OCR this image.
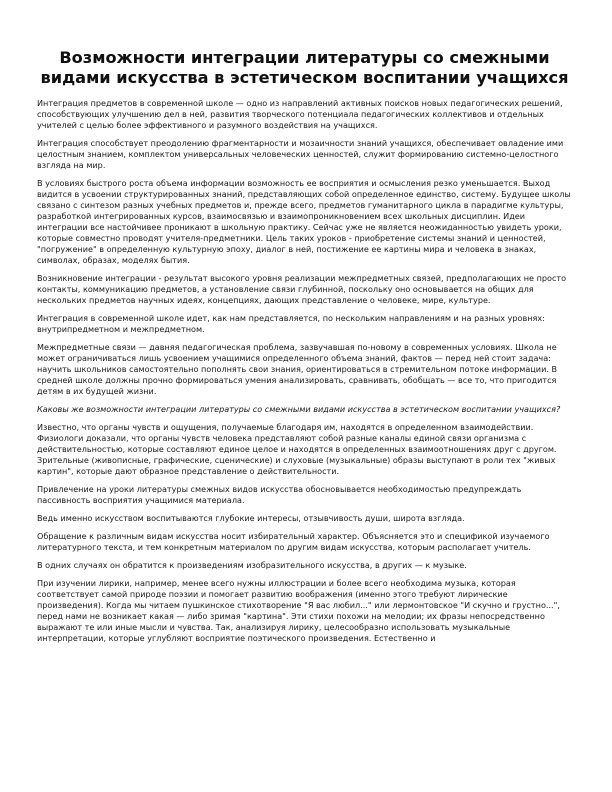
Возможности интеграции литературы со смежными видами искусства в эстетическом воспитании учащихся

Интеграция предметов в современной школе — одно из направлений активных поисков новых педагогических решений, способствующих улучшению дел в ней, развития творческого потенциала педагогических коллективов и отдельных учителей с целью более эффективного и разумного воздействия на учащихся.

Интеграция способствует преодолению фрагментарности и мозаичности знаний учащихся, обеспечивает овладение ими целостным знанием, комплектом универсальных человеческих ценностей, служит формированию системно-целостного взгляда на мир.

В условиях быстрого роста объема информации возможность ее восприятия и осмысления резко уменьшается. Выход видится в усвоении структурированных знаний, представляющих собой определенное единство, систему. Будущее школы связано с синтезом разных учебных предметов и, прежде всего, предметов гуманитарного цикла в парадигме культуры, разработкой интегрированных курсов, взаимосвязью и взаимопроникновением всех школьных дисциплин. Идеи интеграции все настойчивее проникают в школьную практику. Сейчас уже не является неожиданностью увидеть уроки, которые совместно проводят учителя-предметники. Цель таких уроков - приобретение системы знаний и ценностей, "погружение" в определенную культурную эпоху, диалог в ней, постижение ее картины мира и человека в знаках, символах, образах, моделях бытия.

Возникновение интеграции - результат высокого уровня реализации межпредметных связей, предполагающих не просто контакты, коммуникацию предметов, а установление связи глубинной, поскольку оно основывается на общих для нескольких предметов научных идеях, концепциях, дающих представление о человеке, мире, культуре.

Интеграция в современной школе идет, как нам представляется, по нескольким направлениям и на разных уровнях: внутрипредметном и межпредметном.

Межпредметные связи — давняя педагогическая проблема, зазвучавшая по-новому в современных условиях. Школа не может ограничиваться лишь усвоением учащимися определенного объема знаний, фактов — перед ней стоит задача: научить школьников самостоятельно пополнять свои знания, ориентироваться в стремительном потоке информации. В средней школе должны прочно формироваться умения анализировать, сравнивать, обобщать — все то, что пригодится детям в их будущей жизни.

Каковы же возможности интеграции литературы со смежными видами искусства в эстетическом воспитании учащихся?

Известно, что органы чувств и ощущения, получаемые благодаря им, находятся в определенном взаимодействии. Физиологи доказали, что органы чувств человека представляют собой разные каналы единой связи организма с действительностью, которые составляют единое целое и находятся в определенных взаимоотношениях друг с другом. Зрительные (живописные, графические, сценические) и слуховые (музыкальные) образы выступают в роли тех "живых картин", которые дают образное представление о действительности.

Привлечение на уроки литературы смежных видов искусства обосновывается необходимостью предупреждать пассивность восприятия учащимися материала.

Ведь именно искусством воспитываются глубокие интересы, отзывчивость души, широта взгляда.

Обращение к различным видам искусства носит избирательный характер. Объясняется это и спецификой изучаемого литературного текста, и тем конкретным материалом по другим видам искусства, которым располагает учитель.

В одних случаях он обратится к произведениям изобразительного искусства, в других — к музыке.

При изучении лирики, например, менее всего нужны иллюстрации и более всего необходима музыка, которая соответствует самой природе поэзии и помогает развитию воображения (именно этого требуют лирические произведения). Когда мы читаем пушкинское стихотворение "Я вас любил..." или лермонтовское "И скучно и грустно...", перед нами не возникает какая — либо зримая "картина". Эти стихи похожи на мелодии; их фразы непосредственно выражают те или иные мысли и чувства. Так, анализируя лирику, целесообразно использовать музыкальные интерпретации, которые углубляют восприятие поэтического произведения. Естественно и
